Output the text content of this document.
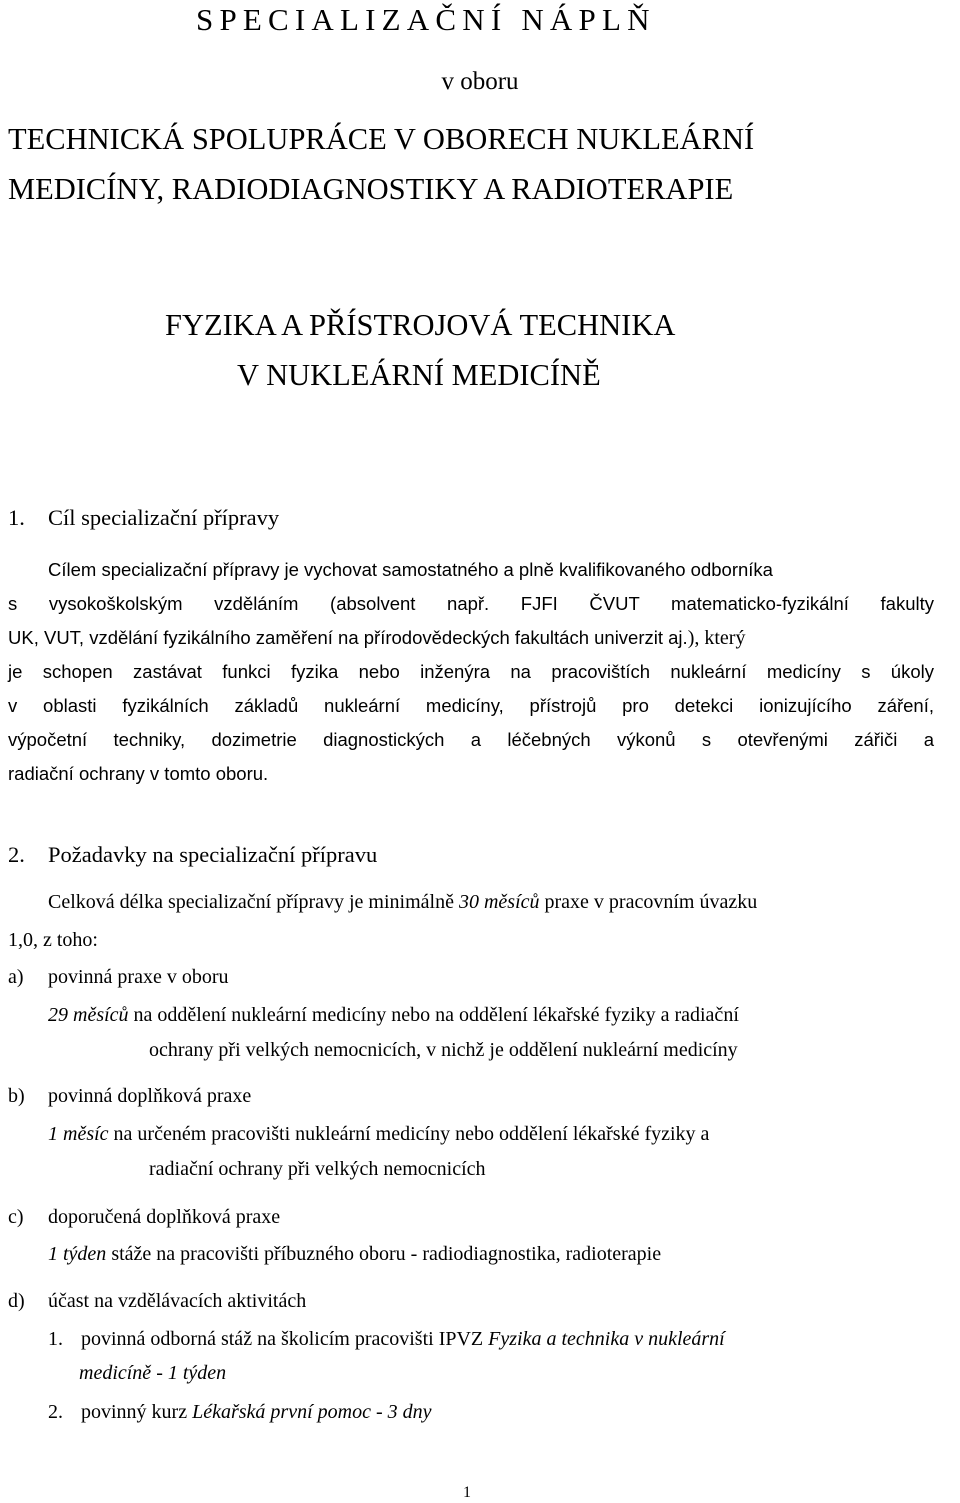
SPECIALIZAČNÍ NÁPLŇ
v oboru
TECHNICKÁ SPOLUPRÁCE V OBORECH NUKLEÁRNÍ
MEDICÍNY, RADIODIAGNOSTIKY A RADIOTERAPIE
FYZIKA A PŘÍSTROJOVÁ TECHNIKA
V NUKLEÁRNÍ MEDICÍNĚ
1. Cíl specializační přípravy
Cílem specializační přípravy je vychovat samostatného a plně kvalifikovaného odborníka
s vysokoškolským vzděláním (absolvent např. FJFI ČVUT matematicko-fyzikální fakulty
UK, VUT, vzdělání fyzikálního zaměření na přírodovědeckých fakultách univerzit aj.), který
je schopen zastávat funkci fyzika nebo inženýra na pracovištích nukleární medicíny s úkoly
v oblasti fyzikálních základů nukleární medicíny, přístrojů pro detekci ionizujícího záření,
výpočetní techniky, dozimetrie diagnostických a léčebných výkonů s otevřenými zářiči a
radiační ochrany v tomto oboru.
2. Požadavky na specializační přípravu
Celková délka specializační přípravy je minimálně 30 měsíců praxe v pracovním úvazku
1,0, z toho:
a) povinná praxe v oboru
29 měsíců na oddělení nukleární medicíny nebo na oddělení lékařské fyziky a radiační
ochrany při velkých nemocnicích, v nichž je oddělení nukleární medicíny
b) povinná doplňková praxe
1 měsíc na určeném pracovišti nukleární medicíny nebo oddělení lékařské fyziky a
radiační ochrany při velkých nemocnicích
c) doporučená doplňková praxe
1 týden stáže na pracovišti příbuzného oboru - radiodiagnostika, radioterapie
d) účast na vzdělávacích aktivitách
1. povinná odborná stáž na školicím pracovišti IPVZ Fyzika a technika v nukleární
medicíně - 1 týden
2. povinný kurz Lékařská první pomoc - 3 dny
1
